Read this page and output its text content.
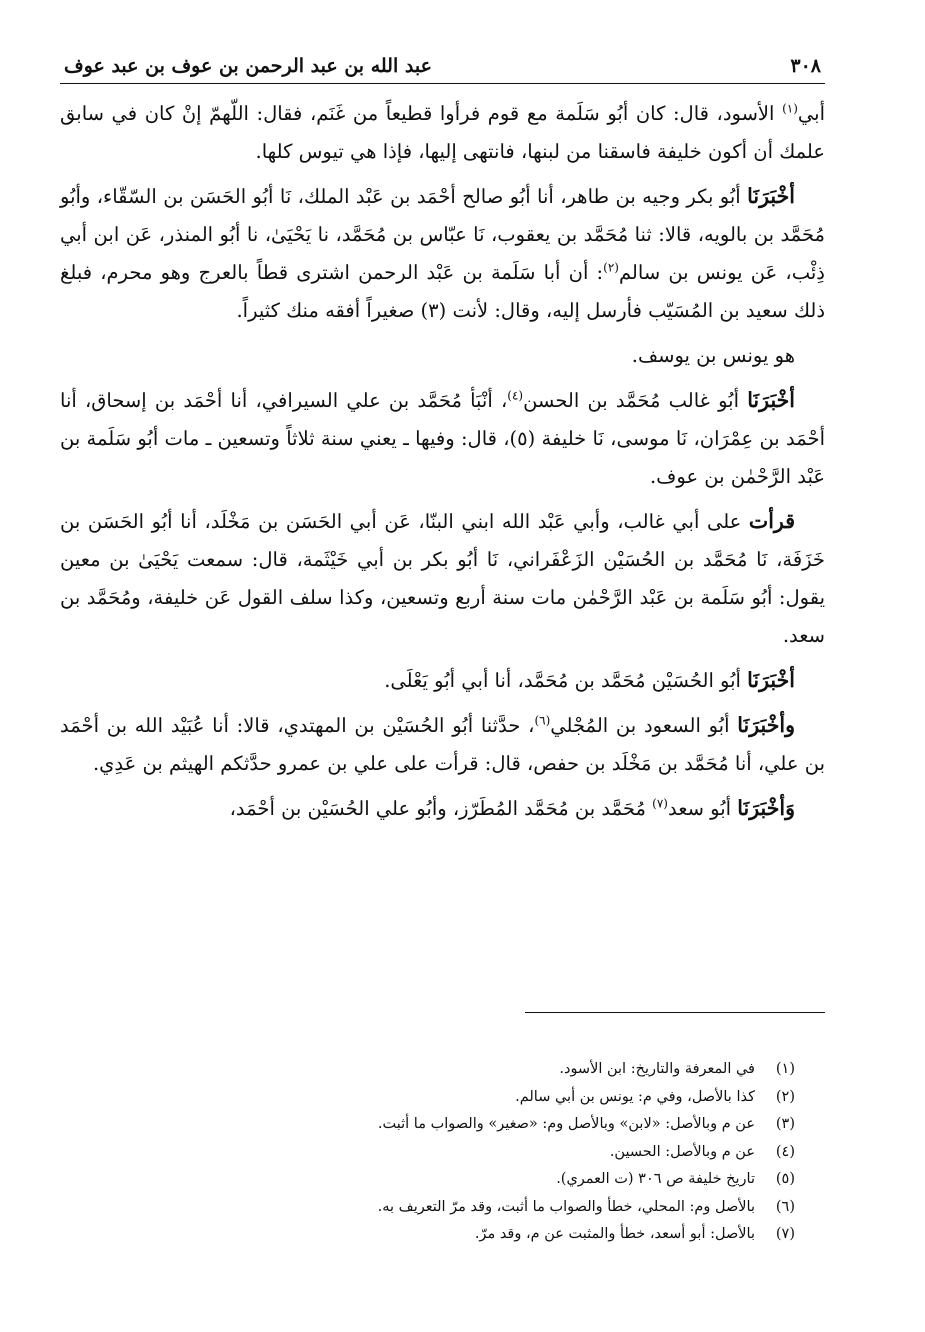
٣٠٨
عبد الله بن عبد الرحمن بن عوف بن عبد عوف

أبي$^{(١)}$ الأسود، قال: كان أبُو سَلَمة مع قوم فرأوا قطيعاً من غَنَم، فقال: اللّهمّ إنْ كان في سابق علمك أن أكون خليفة فاسقنا من لبنها، فانتهى إليها، فإذا هي تيوس كلها.

أخْبَرَنَا أبُو بكر وجيه بن طاهر، أنا أبُو صالح أحْمَد بن عَبْد الملك، نَا أبُو الحَسَن بن السّقّاء، وأبُو مُحَمَّد بن بالويه، قالا: ثنا مُحَمَّد بن يعقوب، نَا عبّاس بن مُحَمَّد، نا يَحْيَىٰ، نا أبُو المنذر، عَن ابن أبي ذِئْب، عَن يونس بن سالم$^{(٢)}$: أن أبا سَلَمة بن عَبْد الرحمن اشترى قطاً بالعرج وهو محرم، فبلغ ذلك سعيد بن المُسَيّب فأرسل إليه، وقال: لأنت (٣) صغيراً أفقه منك كثيراً.

هو يونس بن يوسف.

أخْبَرَنَا أبُو غالب مُحَمَّد بن الحسن$^{(٤)}$، أنْبَأ مُحَمَّد بن علي السيرافي، أنا أحْمَد بن إسحاق، أنا أحْمَد بن عِمْرَان، نَا موسى، نَا خليفة (٥)، قال: وفيها ـ يعني سنة ثلاثاً وتسعين ـ مات أبُو سَلَمة بن عَبْد الرَّحْمٰن بن عوف.

قرأت على أبي غالب، وأبي عَبْد الله ابني البنّا، عَن أبي الحَسَن بن مَخْلَد، أنا أبُو الحَسَن بن خَزَفَة، نَا مُحَمَّد بن الحُسَيْن الزَعْفَراني، نَا أبُو بكر بن أبي خَيْثَمة، قال: سمعت يَحْيَىٰ بن معين يقول: أبُو سَلَمة بن عَبْد الرَّحْمٰن مات سنة أربع وتسعين، وكذا سلف القول عَن خليفة، ومُحَمَّد بن سعد.

أخْبَرَنَا أبُو الحُسَيْن مُحَمَّد بن مُحَمَّد، أنا أبي أبُو يَعْلَى.

وأخْبَرَنَا أبُو السعود بن المُجْلي$^{(٦)}$، حدَّثنا أبُو الحُسَيْن بن المهتدي، قالا: أنا عُبَيْد الله بن أحْمَد بن علي، أنا مُحَمَّد بن مَخْلَد بن حفص، قال: قرأت على علي بن عمرو حدَّثكم الهيثم بن عَدِي.

وَأخْبَرَنَا أبُو سعد$^{(٧)}$ مُحَمَّد بن مُحَمَّد المُطَرّز، وأبُو علي الحُسَيْن بن أحْمَد،

(١)
في المعرفة والتاريخ: ابن الأسود.
(٢)
كذا بالأصل، وفي م: يونس بن أبي سالم.
(٣)
عن م وبالأصل: «لابن» وبالأصل وم: «صغير» والصواب ما أثبت.
(٤)
عن م وبالأصل: الحسين.
(٥)
تاريخ خليفة ص ٣٠٦ (ت العمري).
(٦)
بالأصل وم: المحلي، خطأ والصواب ما أثبت، وقد مرّ التعريف به.
(٧)
بالأصل: أبو أسعد، خطأ والمثبت عن م، وقد مرّ.
